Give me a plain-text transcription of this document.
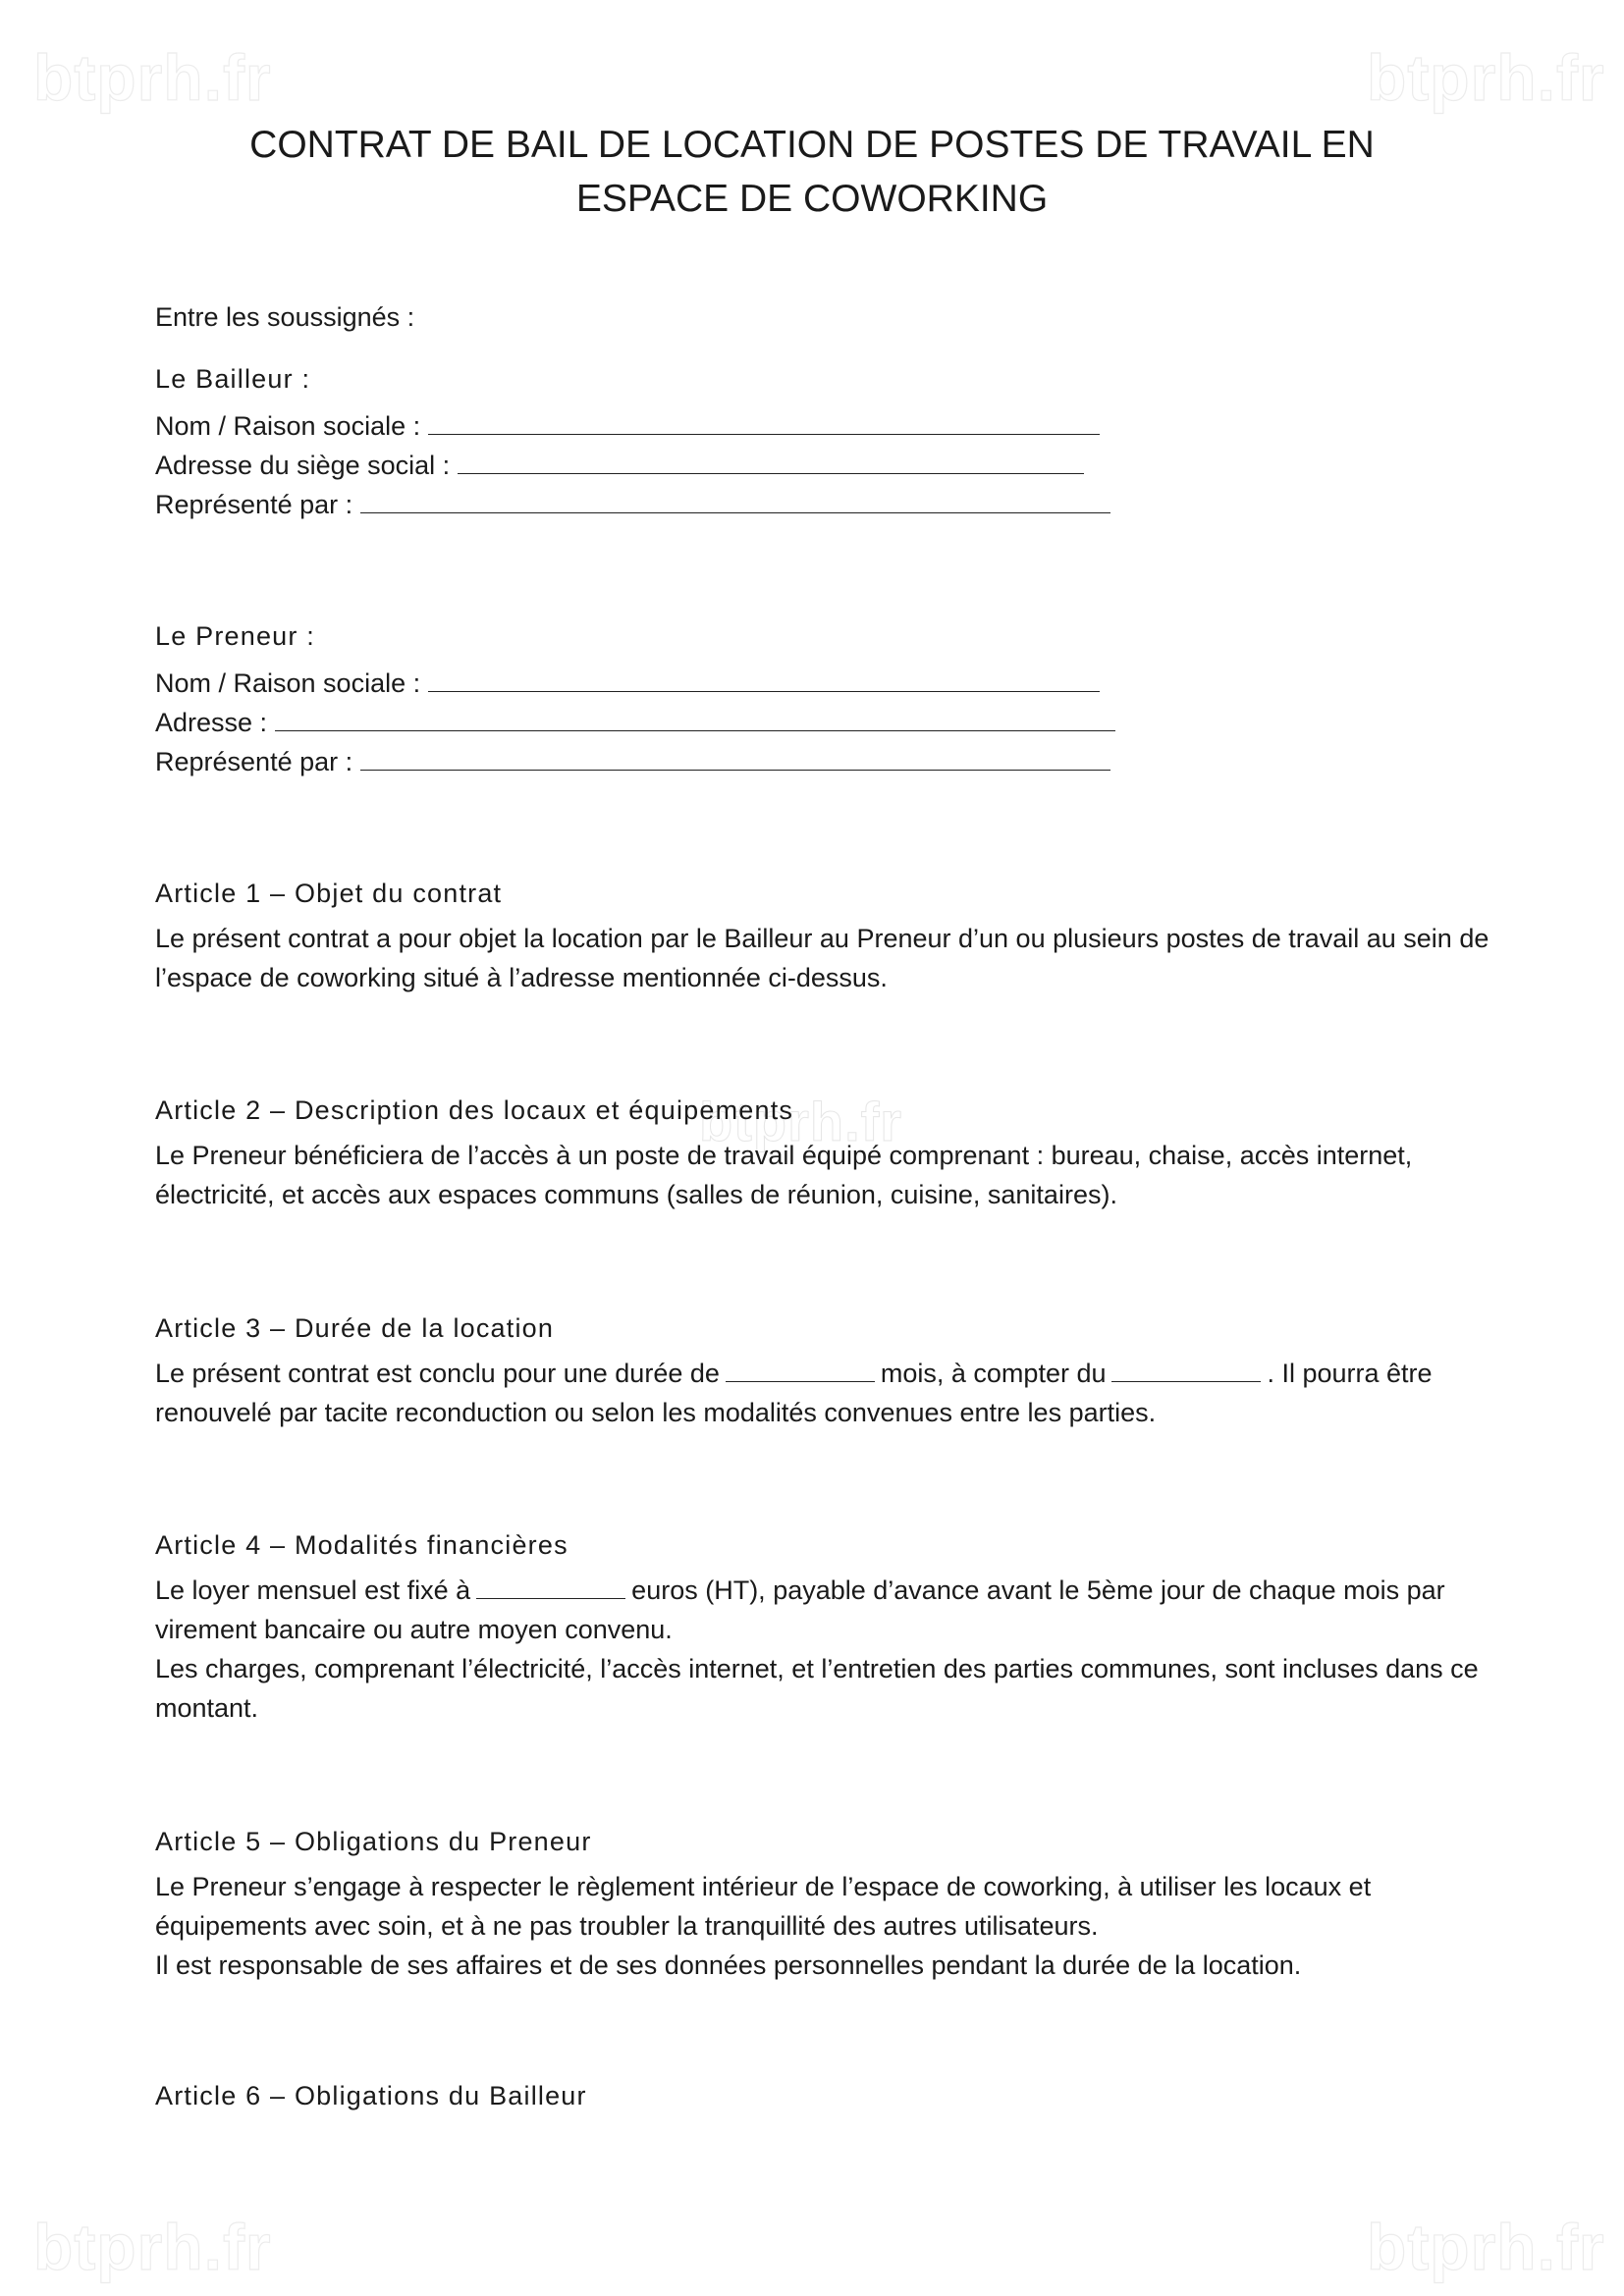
btprh.fr	btprh.fr
btprh.fr
btprh.fr	btprh.fr
CONTRAT DE BAIL DE LOCATION DE POSTES DE TRAVAIL EN
ESPACE DE COWORKING
Entre les soussignés :
Le Bailleur :
Nom / Raison sociale :
Adresse du siège social :
Représenté par :
Le Preneur :
Nom / Raison sociale :
Adresse :
Représenté par :
Article 1 – Objet du contrat
Le présent contrat a pour objet la location par le Bailleur au Preneur d’un ou plusieurs postes de travail au sein de l’espace de coworking situé à l’adresse mentionnée ci-dessus.
Article 2 – Description des locaux et équipements
Le Preneur bénéficiera de l’accès à un poste de travail équipé comprenant : bureau, chaise, accès internet, électricité, et accès aux espaces communs (salles de réunion, cuisine, sanitaires).
Article 3 – Durée de la location
Le présent contrat est conclu pour une durée de	mois, à compter du	. Il pourra être renouvelé par tacite reconduction ou selon les modalités convenues entre les parties.
Article 4 – Modalités financières
Le loyer mensuel est fixé à	euros (HT), payable d’avance avant le 5ème jour de chaque mois par virement bancaire ou autre moyen convenu.
Les charges, comprenant l’électricité, l’accès internet, et l’entretien des parties communes, sont incluses dans ce montant.
Article 5 – Obligations du Preneur
Le Preneur s’engage à respecter le règlement intérieur de l’espace de coworking, à utiliser les locaux et équipements avec soin, et à ne pas troubler la tranquillité des autres utilisateurs.
Il est responsable de ses affaires et de ses données personnelles pendant la durée de la location.
Article 6 – Obligations du Bailleur
